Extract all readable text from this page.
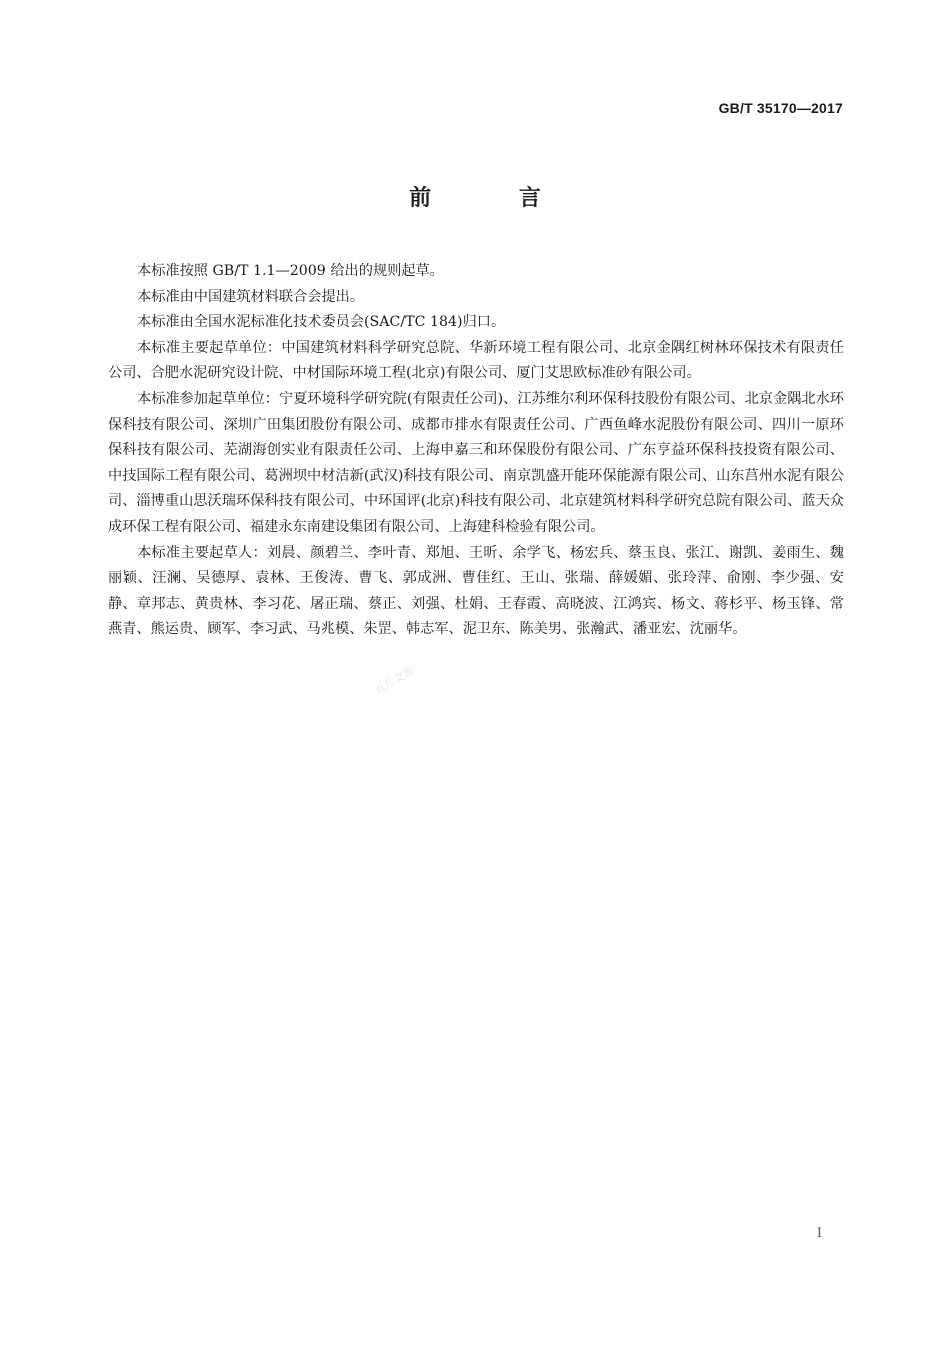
GB/T 35170—2017
前 言

本标准按照 GB/T 1.1—2009 给出的规则起草。

本标准由中国建筑材料联合会提出。

本标准由全国水泥标准化技术委员会(SAC/TC 184)归口。

本标准主要起草单位：中国建筑材料科学研究总院、华新环境工程有限公司、北京金隅红树林环保技术有限责任公司、合肥水泥研究设计院、中材国际环境工程(北京)有限公司、厦门艾思欧标准砂有限公司。

本标准参加起草单位：宁夏环境科学研究院(有限责任公司)、江苏维尔利环保科技股份有限公司、北京金隅北水环保科技有限公司、深圳广田集团股份有限公司、成都市排水有限责任公司、广西鱼峰水泥股份有限公司、四川一原环保科技有限公司、芜湖海创实业有限责任公司、上海申嘉三和环保股份有限公司、广东亨益环保科技投资有限公司、中技国际工程有限公司、葛洲坝中材洁新(武汉)科技有限公司、南京凯盛开能环保能源有限公司、山东莒州水泥有限公司、淄博重山思沃瑞环保科技有限公司、中环国评(北京)科技有限公司、北京建筑材料科学研究总院有限公司、蓝天众成环保工程有限公司、福建永东南建设集团有限公司、上海建科检验有限公司。

本标准主要起草人：刘晨、颜碧兰、李叶青、郑旭、王昕、余学飞、杨宏兵、蔡玉良、张江、谢凯、姜雨生、魏丽颖、汪澜、吴德厚、袁林、王俊涛、曹飞、郭成洲、曹佳红、王山、张瑞、薛媛媚、张玲萍、俞刚、李少强、安静、章邦志、黄贵林、李习花、屠正瑞、蔡正、刘强、杜娟、王春霞、高晓波、江鸿宾、杨文、蒋杉平、杨玉锋、常燕青、熊运贵、顾军、李习武、马兆模、朱罡、韩志军、泥卫东、陈美男、张瀚武、潘亚宏、沈丽华。

五八文库
I
